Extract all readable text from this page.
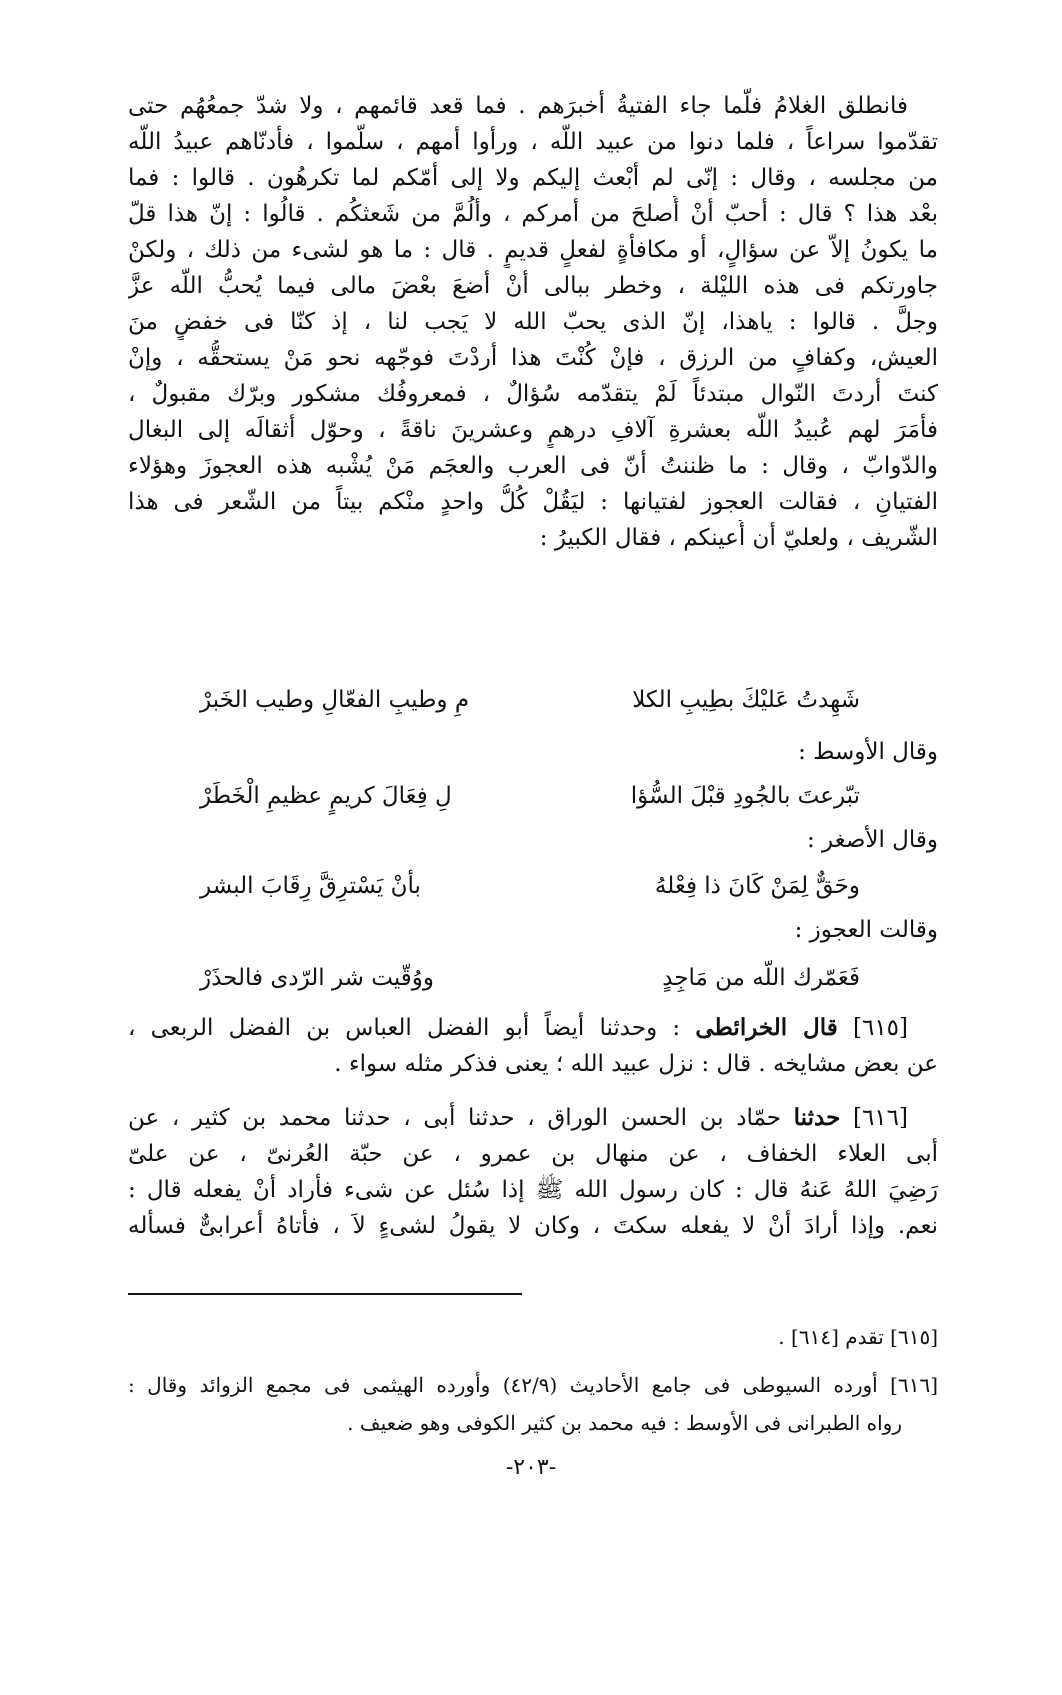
فانطلق الغلامُ فلّما جاء الفتيةُ أخبرَهم . فما قعد قائمهم ، ولا شدّ جمعُهُم حتى
تقدّموا سراعاً ، فلما دنوا من عبيد اللّه ، ورأوا أمهم ، سلّموا ، فأدنّاهم عبيدُ اللّه
من مجلسه ، وقال : إنّى لم أبْعث إليكم ولا إلى أمّكم لما تكرهُون . قالوا : فما
بعْد هذا ؟ قال : أحبّ أنْ أُصلحَ من أمركم ، وألُمَّ من شَعثكُم . قالُوا : إنّ هذا قلّ
ما يكونُ إلاّ عن سؤالٍ، أو مكافأةٍ لفعلٍ قديمٍ . قال : ما هو لشىء من ذلك ، ولكنْ
جاورتكم فى هذه الليْلة ، وخطر ببالى أنْ أضعَ بعْضَ مالى فيما يُحبُّ اللّه عزَّ
وجلَّ . قالوا : ياهذا، إنّ الذى يحبّ الله لا يَجب لنا ، إذ كنّا فى خفضٍ منَ
العيش، وكفافٍ من الرزق ، فإنْ كُنْتَ هذا أردْتَ فوجّهه نحو مَنْ يستحقُّه ، وإنْ
كنتَ أردتَ النّوال مبتدئاً لَمْ يتقدّمه سُؤالٌ ، فمعروفُك مشكور وبرّك مقبولٌ ،
فأمَرَ لهم عُبيدُ اللّه بعشرةِ آلافِ درهمٍ وعشرينَ ناقةً ، وحوّل أثقالَه إلى البغال
والدّوابّ ، وقال : ما ظننتُ أنّ فى العرب والعجَم مَنْ يُشْبه هذه العجوزَ وهؤلاء
الفتيانِ ، فقالت العجوز لفتيانها : ليَقُلْ كُلُّ واحدٍ منْكم بيتاً من الشّعر فى هذا
الشّريف ، ولعليّ أن أُعينكم ، فقال الكبيرُ :
شَهِدتُ عَليْكَ بطِيبِ الكلا
مِ وطيبِ الفعّالِ وطيب الخَبرْ
وقال الأوسط :
تبّرعتَ بالجُودِ قبْلَ السُّؤا
لِ فِعَالَ كريمٍ عظيمِ الْخَطَرْ
وقال الأصغر :
وحَقٌّ لِمَنْ كَانَ ذا فِعْلهُ
بأنْ يَسْترِقَّ رِقَابَ البشر
وقالت العجوز :
فَعَمّرك اللّه من مَاجِدٍ
ووُقّيت شر الرّدى فالحذَرْ
[٦١٥] قال الخرائطى : وحدثنا أيضاً أبو الفضل العباس بن الفضل الربعى ،
عن بعض مشايخه . قال : نزل عبيد الله ؛ يعنى فذكر مثله سواء .
[٦١٦] حدثنا حمّاد بن الحسن الوراق ، حدثنا أبى ، حدثنا محمد بن كثير ، عن
أبى العلاء الخفاف ، عن منهال بن عمرو ، عن حبّة العُرنىّ ، عن علىّ
رَضِيَ اللهُ عَنهُ قال : كان رسول الله ﷺ إذا سُئل عن شىء فأراد أنْ يفعله قال :
نعم. وإذا أرادَ أنْ لا يفعله سكتَ ، وكان لا يقولُ لشىءٍ لاَ ، فأتاهُ أعرابىٌّ فسأله
[٦١٥] تقدم [٦١٤] .
[٦١٦] أورده السيوطى فى جامع الأحاديث (٤٢/٩) وأورده الهيثمى فى مجمع الزوائد وقال :
رواه الطبرانى فى الأوسط : فيه محمد بن كثير الكوفى وهو ضعيف .
-٢٠٣-
